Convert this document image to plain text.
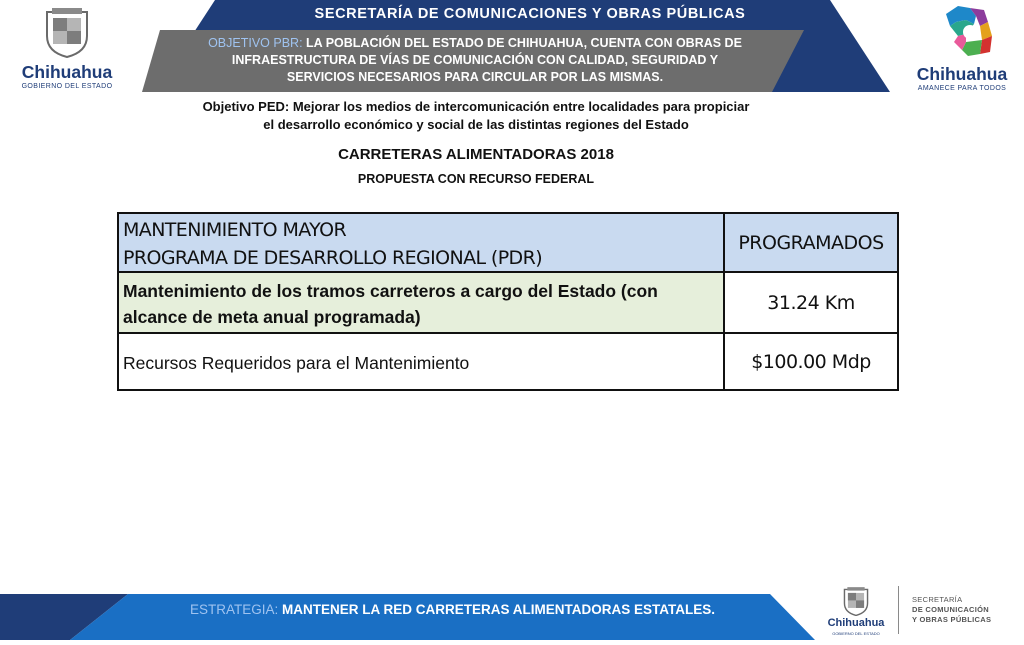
SECRETARÍA DE COMUNICACIONES Y OBRAS PÚBLICAS
OBJETIVO PBR: LA POBLACIÓN DEL ESTADO DE CHIHUAHUA, CUENTA CON OBRAS DE INFRAESTRUCTURA DE VÍAS DE COMUNICACIÓN CON CALIDAD, SEGURIDAD Y SERVICIOS NECESARIOS PARA CIRCULAR POR LAS MISMAS.
Chihuahua
GOBIERNO DEL ESTADO
Chihuahua
AMANECE PARA TODOS
Objetivo PED: Mejorar los medios de intercomunicación entre localidades para propiciar el desarrollo económico y social de las distintas regiones del Estado
CARRETERAS ALIMENTADORAS 2018
PROPUESTA CON RECURSO FEDERAL
MANTENIMIENTO MAYOR
PROGRAMA DE DESARROLLO REGIONAL (PDR)
PROGRAMADOS
Mantenimiento de los tramos carreteros a cargo del Estado (con alcance de meta anual programada)
31.24 Km
Recursos Requeridos para el Mantenimiento	$100.00 Mdp
ESTRATEGIA: MANTENER LA RED CARRETERAS ALIMENTADORAS ESTATALES.
Chihuahua
GOBIERNO DEL ESTADO
SECRETARÍA
DE COMUNICACIÓN
Y OBRAS PÚBLICAS
